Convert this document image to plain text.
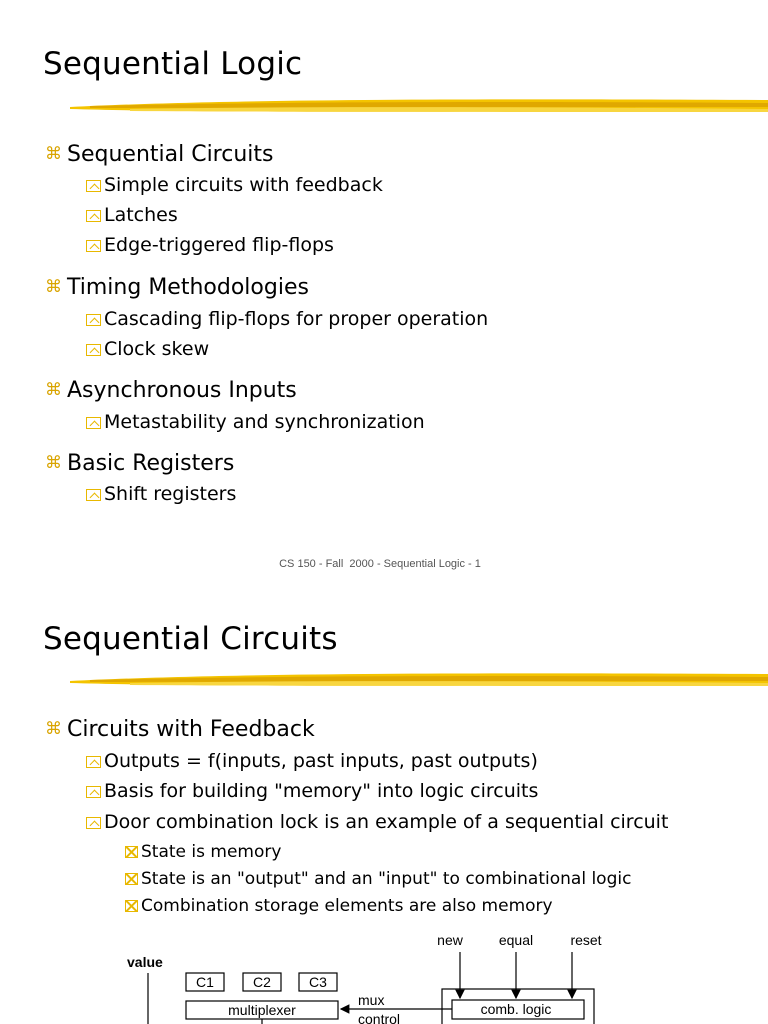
Sequential Logic
⌘ Sequential Circuits
Simple circuits with feedback
Latches
Edge-triggered flip-flops
⌘ Timing Methodologies
Cascading flip-flops for proper operation
Clock skew
⌘ Asynchronous Inputs
Metastability and synchronization
⌘ Basic Registers
Shift registers
CS 150 - Fall  2000 - Sequential Logic - 1
Sequential Circuits
⌘ Circuits with Feedback
Outputs = f(inputs, past inputs, past outputs)
Basis for building "memory" into logic circuits
Door combination lock is an example of a sequential circuit
State is memory
State is an "output" and an "input" to combinational logic
Combination storage elements are also memory
value
C1	C2	C3
multiplexer
mux
control
new	equal	reset
comb. logic
